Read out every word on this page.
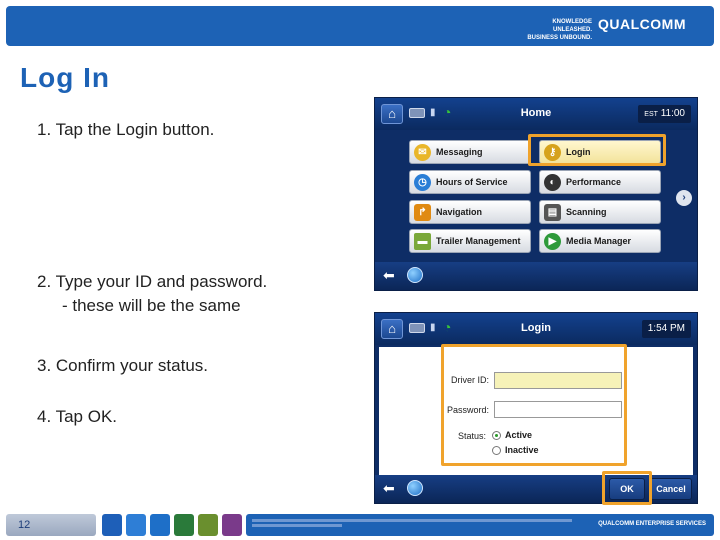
KNOWLEDGE UNLEASHED.
BUSINESS UNBOUND.
QUALCOMM
Log In
1. Tap the Login button.
2. Type your ID and password.
- these will be the same
3. Confirm your status.
4. Tap OK.
⌂	▮ ◔	Home	EST 11:00
✉	Messaging	⚷	Login
◷	Hours of Service	◐	Performance
↱	Navigation	▤ Scanning
▬ Trailer Management	▶	Media Manager
›
⬅
⌂	▮ ◔	Login	1:54 PM
Driver ID:
Password:
Status: Active
Inactive
⬅	OK	Cancel
12	QUALCOMM ENTERPRISE SERVICES
